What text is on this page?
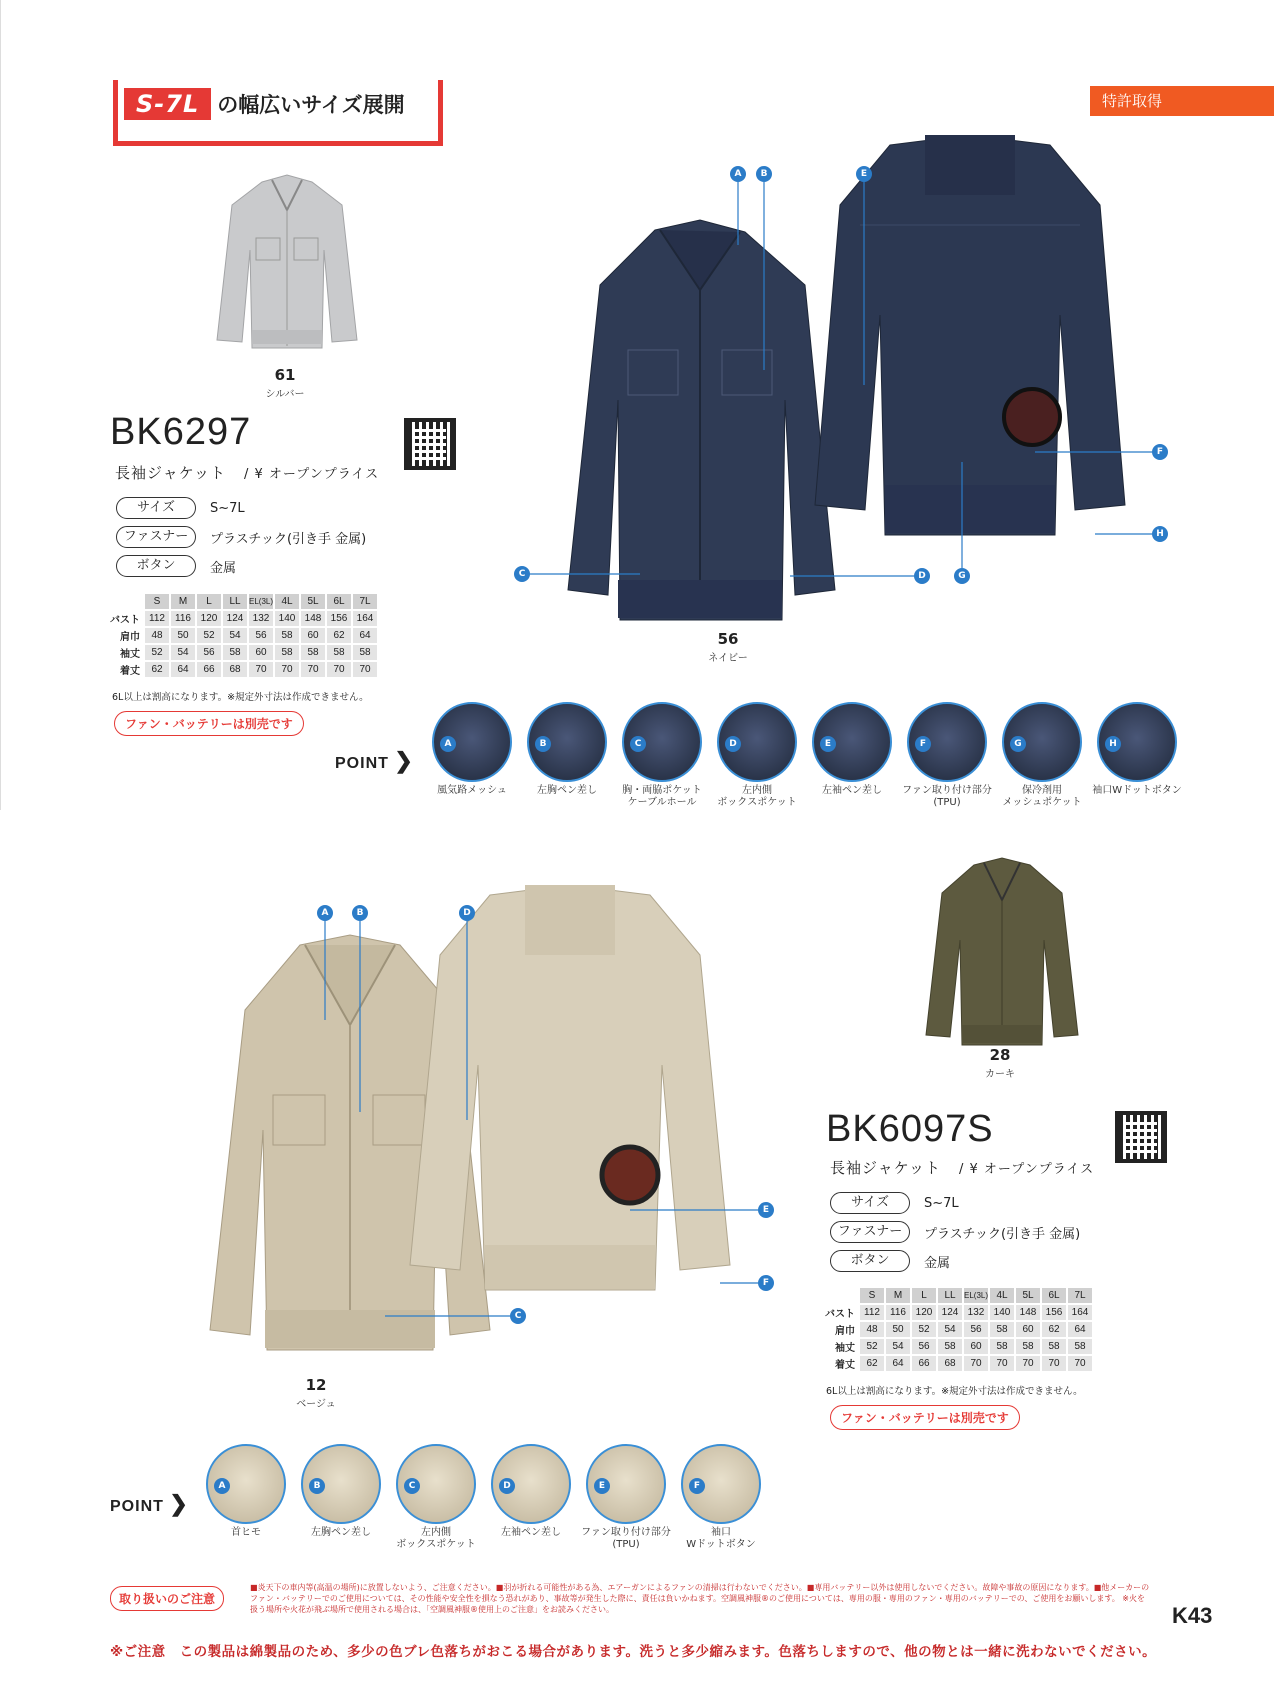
S-7L の幅広いサイズ展開	特許取得
61
シルバー
56
ネイビー
A	B	E
F
H
C	D	G
BK6297
長袖ジャケット / ¥ オープンプライス
サイズ	S~7L
ファスナー	プラスチック(引き手 金属)
ボタン	金属
	S	M	L	LL	EL(3L)	4L	5L	6L	7L
バスト	112	116	120	124	132	140	148	156	164
肩巾	48	50	52	54	56	58	60	62	64
袖丈	52	54	56	58	60	58	58	58	58
着丈	62	64	66	68	70	70	70	70	70
6L以上は割高になります。※規定外寸法は作成できません。
ファン・バッテリーは別売です
POINT ❯
A
風気路メッシュ
B
左胸ペン差し
C
胸・両脇ポケット
ケーブルホール
D
左内側
ボックスポケット
E
左袖ペン差し
F
ファン取り付け部分
(TPU)
G
保冷剤用
メッシュポケット
H
袖口Wドットボタン
12
ベージュ
28
カーキ
A	B	D
E
F
C
BK6097S
長袖ジャケット / ¥ オープンプライス
サイズ	S~7L
ファスナー	プラスチック(引き手 金属)
ボタン	金属
	S	M	L	LL	EL(3L)	4L	5L	6L	7L
バスト	112	116	120	124	132	140	148	156	164
肩巾	48	50	52	54	56	58	60	62	64
袖丈	52	54	56	58	60	58	58	58	58
着丈	62	64	66	68	70	70	70	70	70
6L以上は割高になります。※規定外寸法は作成できません。
ファン・バッテリーは別売です
POINT ❯
A
首ヒモ
B
左胸ペン差し
C
左内側
ボックスポケット
D
左袖ペン差し
E
ファン取り付け部分
(TPU)
F
袖口
Wドットボタン
取り扱いのご注意
■炎天下の車内等(高温の場所)に放置しないよう、ご注意ください。■羽が折れる可能性がある為、エアーガンによるファンの清掃は行わないでください。■専用バッテリー以外は使用しないでください。故障や事故の原因になります。■他メーカーのファン・バッテリーでのご使用については、その性能や安全性を損なう恐れがあり、事故等が発生した際に、責任は負いかねます。空調風神服®のご使用については、専用の服・専用のファン・専用のバッテリーでの、ご使用をお願いします。 ※火を扱う場所や火花が飛ぶ場所で使用される場合は、「空調風神服®使用上のご注意」をお読みください。
※ご注意　この製品は綿製品のため、多少の色ブレ色落ちがおこる場合があります。洗うと多少縮みます。色落ちしますので、他の物とは一緒に洗わないでください。
K43
